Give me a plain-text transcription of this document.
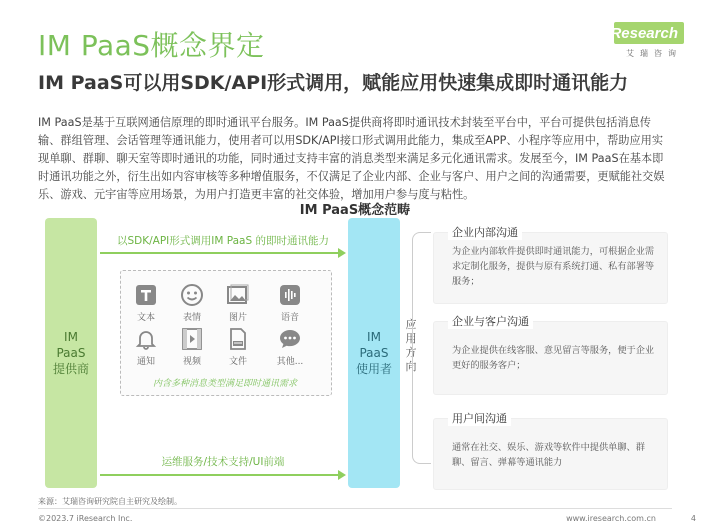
IM PaaS概念界定
IM PaaS可以用SDK/API形式调用，赋能应用快速集成即时通讯能力
iResearch
艾瑞咨询
IM PaaS是基于互联网通信原理的即时通讯平台服务。IM PaaS提供商将即时通讯技术封装至平台中，平台可提供包括消息传输、群组管理、会话管理等通讯能力，使用者可以用SDK/API接口形式调用此能力，集成至APP、小程序等应用中，帮助应用实现单聊、群聊、聊天室等即时通讯的功能，同时通过支持丰富的消息类型来满足多元化通讯需求。发展至今，IM PaaS在基本即时通讯功能之外，衍生出如内容审核等多种增值服务，不仅满足了企业内部、企业与客户、用户之间的沟通需要，更赋能社交娱乐、游戏、元宇宙等应用场景，为用户打造更丰富的社交体验，增加用户参与度与粘性。
IM PaaS概念范畴
IM
PaaS
提供商
IM
PaaS
使用者
以SDK/API形式调用IM PaaS 的即时通讯能力
运维服务/技术支持/UI前端
文本	表情	图片	语音
通知	视频	文件	其他...
内含多种消息类型满足即时通讯需求
应用方向
企业内部沟通
为企业内部软件提供即时通讯能力，可根据企业需求定制化服务，提供与原有系统打通、私有部署等服务；
企业与客户沟通
为企业提供在线客服、意见留言等服务，便于企业更好的服务客户；
用户间沟通
通常在社交、娱乐、游戏等软件中提供单聊、群聊、留言、弹幕等通讯能力
来源：艾瑞咨询研究院自主研究及绘制。
©2023.7 iResearch Inc.	www.iresearch.com.cn	4
